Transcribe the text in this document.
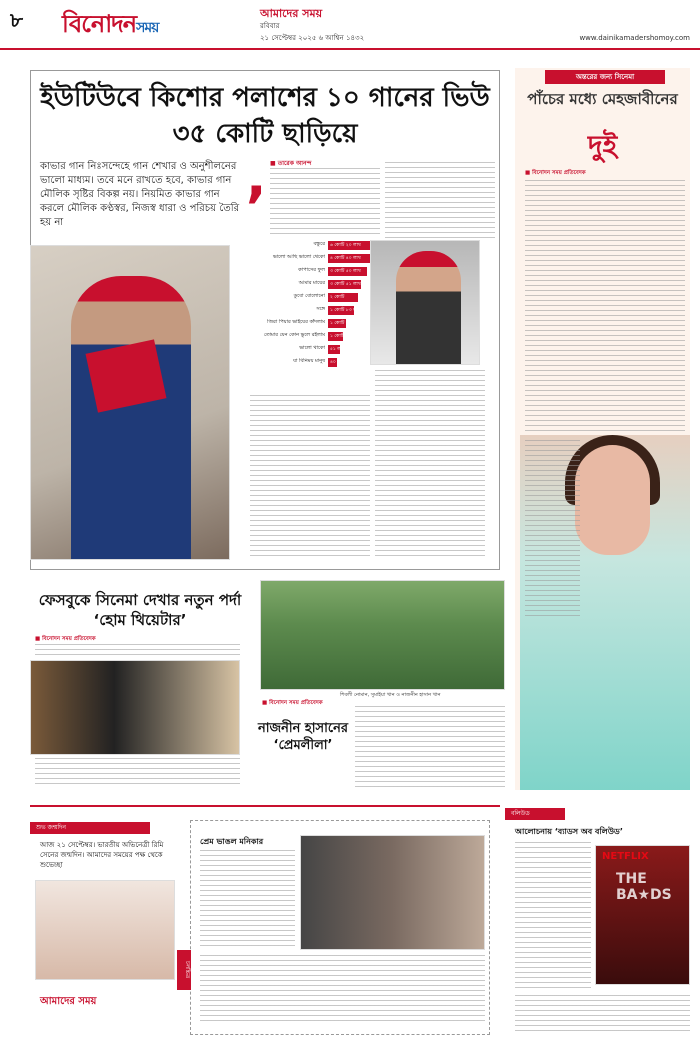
৮ বিনোদনসময়
আমাদের সময়
রবিবার
২১ সেপ্টেম্বর ২০২৫ ৬ আশ্বিন ১৪৩২	www.dainikamadershomoy.com
ইউটিউবে কিশোর পলাশের ১০ গানের ভিউ ৩৫ কোটি ছাড়িয়ে
কাভার গান নিঃসন্দেহে গান শেখার ও অনুশীলনের ভালো মাধ্যম। তবে মনে রাখতে হবে, কাভার গান মৌলিক সৃষ্টির বিকল্প নয়। নিয়মিত কাভার গান করলে মৌলিক কণ্ঠস্বর, নিজস্ব ধারা ও পরিচয় তৈরি হয় না
, ■ তারেক আনন্দ
বন্ধুরে	৬ কোটি ২০ লাখ
ভালো আছি ভালো থেকো	৪ কোটি ৪০ লাখ
কাপাসের ফুল	৩ কোটি ৫০ লাখ
আমার মায়ের	৩ কোটি ৫১ লাখ
ডুবো বোলোনো	২ কোটি
সঙ্গে	১ কোটি ৮৩ লাখ
জিরা পিয়ার ভাইয়ের কাঁদলাম	১ কোটি ৩ লাখ
তোমার যেন কোন ভুলে রইলাম	১ কোটি
ভালো থাকো	৫১ লাখ
যা বিনিময় মানুষ	৪০ লাখ
অন্তরের জন্য সিনেমা
পাঁচের মধ্যে মেহজাবীনের
দুই
■ বিনোদন সময় প্রতিবেদক
ফেসবুকে সিনেমা দেখার নতুন পর্দা ‘হোম থিয়েটার’
■ বিনোদন সময় প্রতিবেদক
শিবলী নোমান, সুমাইয়া খান ও নাজনীন হাসান খান
■ বিনোদন সময় প্রতিবেদক
নাজনীন হাসানের ‘প্রেমলীলা’
শুভ জন্মদিন
আজ ২১ সেপ্টেম্বর। ভারতীয় অভিনেত্রী রিমি সেনের জন্মদিন। আমাদের সময়ের পক্ষ থেকে শুভেচ্ছা
আমাদের সময়
চলচ্চিত্র
প্রেম ভাঙল মনিকার
বলিউড
আলোচনায় ‘ব্যাডস অব বলিউড’
NETFLIX
THE BA★DS
